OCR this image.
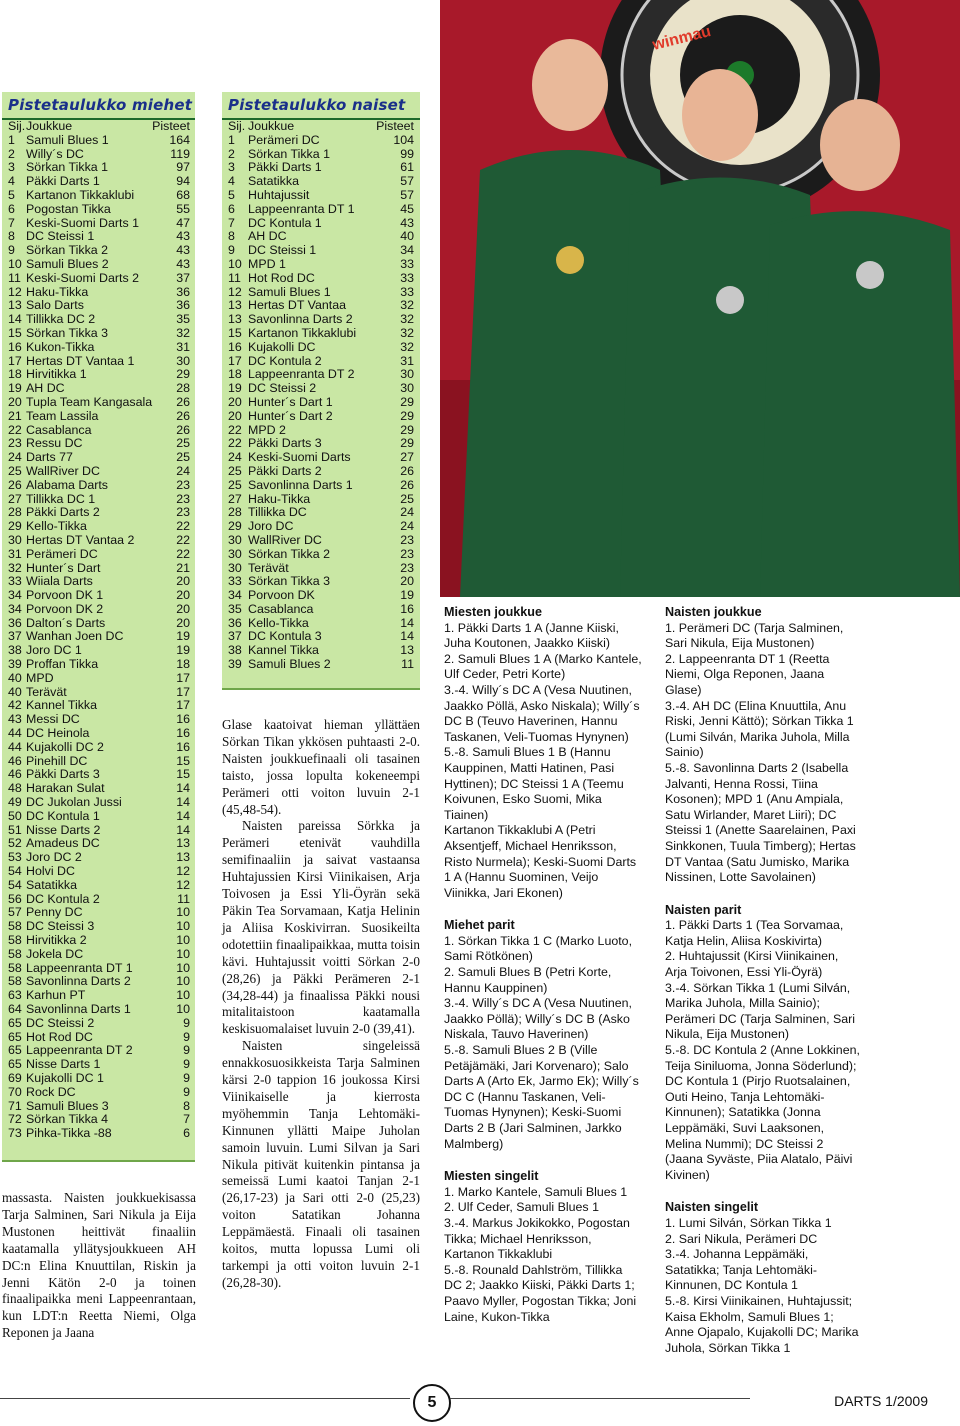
Pistetaulukko miehet
Sij.	Joukkue	Pisteet
1	Samuli Blues 1	164
2	Willy´s DC	119
3	Sörkan Tikka 1	97
4	Päkki Darts 1	94
5	Kartanon Tikkaklubi	68
6	Pogostan Tikka	55
7	Keski-Suomi Darts 1	47
8	DC Steissi 1	43
9	Sörkan Tikka 2	43
10	Samuli Blues 2	43
11	Keski-Suomi Darts 2	37
12	Haku-Tikka	36
13	Salo Darts	36
14	Tillikka DC 2	35
15	Sörkan Tikka 3	32
16	Kukon-Tikka	31
17	Hertas DT Vantaa 1	30
18	Hirvitikka 1	29
19	AH DC	28
20	Tupla Team Kangasala	26
21	Team Lassila	26
22	Casablanca	26
23	Ressu DC	25
24	Darts 77	25
25	WallRiver DC	24
26	Alabama Darts	23
27	Tillikka DC 1	23
28	Päkki Darts 2	23
29	Kello-Tikka	22
30	Hertas DT Vantaa 2	22
31	Perämeri DC	22
32	Hunter´s Dart	21
33	Wiiala Darts	20
34	Porvoon DK 1	20
34	Porvoon DK 2	20
36	Dalton´s Darts	20
37	Wanhan Joen DC	19
38	Joro DC 1	19
39	Proffan Tikka	18
40	MPD	17
40	Terävät	17
42	Kannel Tikka	17
43	Messi DC	16
44	DC Heinola	16
44	Kujakolli DC 2	16
46	Pinehill DC	15
46	Päkki Darts 3	15
48	Harakan Sulat	14
49	DC Jukolan Jussi	14
50	DC Kontula 1	14
51	Nisse Darts 2	14
52	Amadeus DC	13
53	Joro DC 2	13
54	Holvi DC	12
54	Satatikka	12
56	DC Kontula 2	11
57	Penny DC	10
58	DC Steissi 3	10
58	Hirvitikka 2	10
58	Jokela DC	10
58	Lappeenranta DT 1	10
58	Savonlinna Darts 2	10
63	Karhun PT	10
64	Savonlinna Darts 1	10
65	DC Steissi 2	9
65	Hot Rod DC	9
65	Lappeenranta DT 2	9
65	Nisse Darts 1	9
69	Kujakolli DC 1	9
70	Rock DC	9
71	Samuli Blues 3	8
72	Sörkan Tikka 4	7
73	Pihka-Tikka -88	6
Pistetaulukko naiset
Sij.	Joukkue	Pisteet
1	Perämeri DC	104
2	Sörkan Tikka 1	99
3	Päkki Darts 1	61
4	Satatikka	57
5	Huhtajussit	57
6	Lappeenranta DT 1	45
7	DC Kontula 1	43
8	AH DC	40
9	DC Steissi 1	34
10	MPD 1	33
11	Hot Rod DC	33
12	Samuli Blues 1	33
13	Hertas DT Vantaa	32
13	Savonlinna Darts 2	32
15	Kartanon Tikkaklubi	32
16	Kujakolli DC	32
17	DC Kontula 2	31
18	Lappeenranta DT 2	30
19	DC Steissi 2	30
20	Hunter´s Dart 1	29
20	Hunter´s Dart 2	29
22	MPD 2	29
22	Päkki Darts 3	29
24	Keski-Suomi Darts	27
25	Päkki Darts 2	26
25	Savonlinna Darts 1	26
27	Haku-Tikka	25
28	Tillikka DC	24
29	Joro DC	24
30	WallRiver DC	23
30	Sörkan Tikka 2	23
30	Terävät	23
33	Sörkan Tikka 3	20
34	Porvoon DK	19
35	Casablanca	16
36	Kello-Tikka	14
37	DC Kontula 3	14
38	Kannel Tikka	13
39	Samuli Blues 2	11
winmau

massasta. Naisten joukkuekisassa Tarja Salminen, Sari Nikula ja Eija Mustonen heittivät finaaliin kaatamalla yllätysjoukkueen AH DC:n Elina Knuuttilan, Riskin ja Jenni Kätön 2-0 ja toinen finaalipaikka meni Lappeenrantaan, kun LDT:n Reetta Niemi, Olga Reponen ja Jaana

Glase kaatoivat hieman yllättäen Sörkan Tikan ykkösen puhtaasti 2-0. Naisten joukkuefinaali oli tasainen taisto, jossa lopulta kokeneempi Perämeri otti voiton luvuin 2-1 (45,48-54).

Naisten pareissa Sörkka ja Perämeri etenivät vauhdilla semifinaaliin ja saivat vastaansa Huhtajussien Kirsi Viinikaisen, Arja Toivosen ja Essi Yli-Öyrän sekä Päkin Tea Sorvamaan, Katja Helinin ja Aliisa Koskivirran. Suosikeilta odotettiin finaalipaikkaa, mutta toisin kävi. Huhtajussit voitti Sörkan 2-0 (28,26) ja Päkki Perämeren 2-1 (34,28-44) ja finaalissa Päkki nousi mitalitaistoon kaatamalla keskisuomalaiset luvuin 2-0 (39,41).

Naisten singeleissä ennakkosuosikkeista Tarja Salminen kärsi 2-0 tappion 16 joukossa Kirsi Viinikaiselle ja kierrosta myöhemmin Tanja Lehtomäki-Kinnunen yllätti Maipe Juholan samoin luvuin. Lumi Silvan ja Sari Nikula pitivät kuitenkin pintansa ja semeissä Lumi kaatoi Tanjan 2-1 (26,17-23) ja Sari otti 2-0 (25,23) voiton Satatikan Johanna Leppämäestä. Finaali oli tasainen koitos, mutta lopussa Lumi oli tarkempi ja otti voiton luvuin 2-1 (26,28-30).

Miesten joukkue

1. Päkki Darts 1 A (Janne Kiiski, Juha Koutonen, Jaakko Kiiski)
2. Samuli Blues 1 A (Marko Kantele, Ulf Ceder, Petri Korte)
3.-4. Willy´s DC A (Vesa Nuutinen, Jaakko Pöllä, Asko Niskala); Willy´s DC B (Teuvo Haverinen, Hannu Taskanen, Veli-Tuomas Hynynen)
5.-8. Samuli Blues 1 B (Hannu Kauppinen, Matti Hatinen, Pasi Hyttinen); DC Steissi 1 A (Teemu Koivunen, Esko Suomi, Mika Tiainen)
Kartanon Tikkaklubi A (Petri Aksentjeff, Michael Henriksson, Risto Nurmela); Keski-Suomi Darts 1 A (Hannu Suominen, Veijo Viinikka, Jari Ekonen)

Miehet parit

1. Sörkan Tikka 1 C (Marko Luoto, Sami Rötkönen)
2. Samuli Blues B (Petri Korte, Hannu Kauppinen)
3.-4. Willy´s DC A (Vesa Nuutinen, Jaakko Pöllä); Willy´s DC B (Asko Niskala, Tauvo Haverinen)
5.-8. Samuli Blues 2 B (Ville Petäjämäki, Jari Korvenaro); Salo Darts A (Arto Ek, Jarmo Ek); Willy´s DC C (Hannu Taskanen, Veli-Tuomas Hynynen); Keski-Suomi Darts 2 B (Jari Salminen, Jarkko Malmberg)

Miesten singelit

1. Marko Kantele, Samuli Blues 1
2. Ulf Ceder, Samuli Blues 1
3.-4. Markus Jokikokko, Pogostan Tikka; Michael Henriksson, Kartanon Tikkaklubi
5.-8. Rounald Dahlström, Tillikka DC 2; Jaakko Kiiski, Päkki Darts 1; Paavo Myller, Pogostan Tikka; Joni Laine, Kukon-Tikka

Naisten joukkue

1. Perämeri DC (Tarja Salminen, Sari Nikula, Eija Mustonen)
2. Lappeenranta DT 1 (Reetta Niemi, Olga Reponen, Jaana Glase)
3.-4. AH DC (Elina Knuuttila, Anu Riski, Jenni Kättö); Sörkan Tikka 1 (Lumi Silván, Marika Juhola, Milla Sainio)
5.-8. Savonlinna Darts 2 (Isabella Jalvanti, Henna Rossi, Tiina Kosonen); MPD 1 (Anu Ampiala, Satu Wirlander, Maret Liiri); DC Steissi 1 (Anette Saarelainen, Paxi Sinkkonen, Tuula Timberg); Hertas DT Vantaa (Satu Jumisko, Marika Nissinen, Lotte Savolainen)

Naisten parit

1. Päkki Darts 1 (Tea Sorvamaa, Katja Helin, Aliisa Koskivirta)
2. Huhtajussit (Kirsi Viinikainen, Arja Toivonen, Essi Yli-Öyrä)
3.-4. Sörkan Tikka 1 (Lumi Silván, Marika Juhola, Milla Sainio); Perämeri DC (Tarja Salminen, Sari Nikula, Eija Mustonen)
5.-8. DC Kontula 2 (Anne Lokkinen, Teija Siniluoma, Jonna Söderlund); DC Kontula 1 (Pirjo Ruotsalainen, Outi Heino, Tanja Lehtomäki-Kinnunen); Satatikka (Jonna Leppämäki, Suvi Laaksonen, Melina Nummi); DC Steissi 2 (Jaana Syväste, Piia Alatalo, Päivi Kivinen)

Naisten singelit

1. Lumi Silván, Sörkan Tikka 1
2. Sari Nikula, Perämeri DC
3.-4. Johanna Leppämäki, Satatikka; Tanja Lehtomäki-Kinnunen, DC Kontula 1
5.-8. Kirsi Viinikainen, Huhtajussit; Kaisa Ekholm, Samuli Blues 1; Anne Ojapalo, Kujakolli DC; Marika Juhola, Sörkan Tikka 1

5	DARTS 1/2009
